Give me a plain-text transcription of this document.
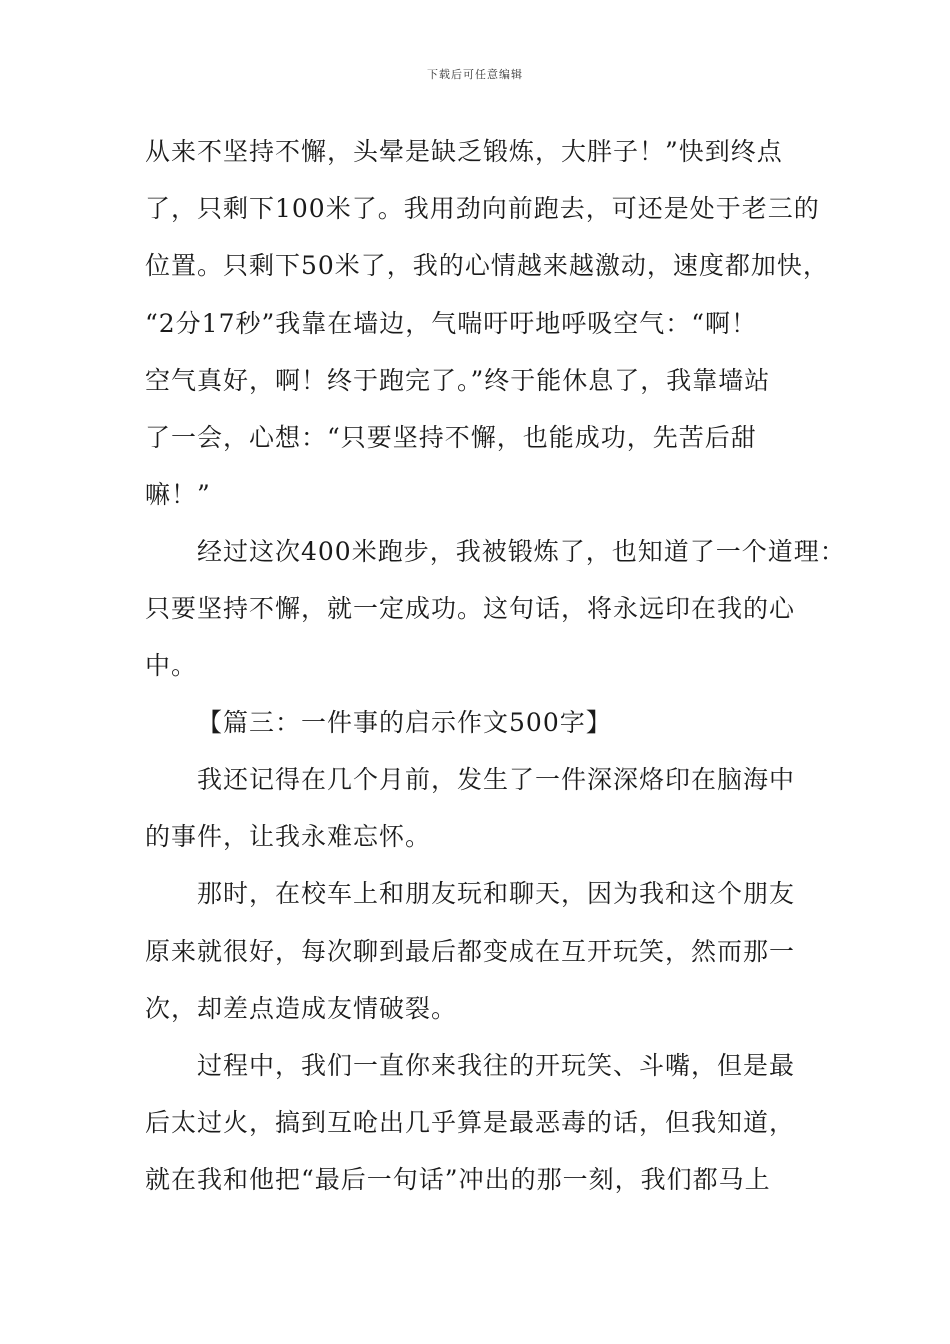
下载后可任意编辑
从来不坚持不懈，头晕是缺乏锻炼，大胖子！”快到终点
了，只剩下100米了。我用劲向前跑去，可还是处于老三的
位置。只剩下50米了，我的心情越来越激动，速度都加快，
“2分17秒”我靠在墙边，气喘吁吁地呼吸空气：“啊！
空气真好，啊！终于跑完了。”终于能休息了，我靠墙站
了一会，心想：“只要坚持不懈，也能成功，先苦后甜
嘛！”
经过这次400米跑步，我被锻炼了，也知道了一个道理：
只要坚持不懈，就一定成功。这句话，将永远印在我的心
中。
【篇三：一件事的启示作文500字】
我还记得在几个月前，发生了一件深深烙印在脑海中
的事件，让我永难忘怀。
那时，在校车上和朋友玩和聊天，因为我和这个朋友
原来就很好，每次聊到最后都变成在互开玩笑，然而那一
次，却差点造成友情破裂。
过程中，我们一直你来我往的开玩笑、斗嘴，但是最
后太过火，搞到互呛出几乎算是最恶毒的话，但我知道，
就在我和他把“最后一句话”冲出的那一刻，我们都马上
